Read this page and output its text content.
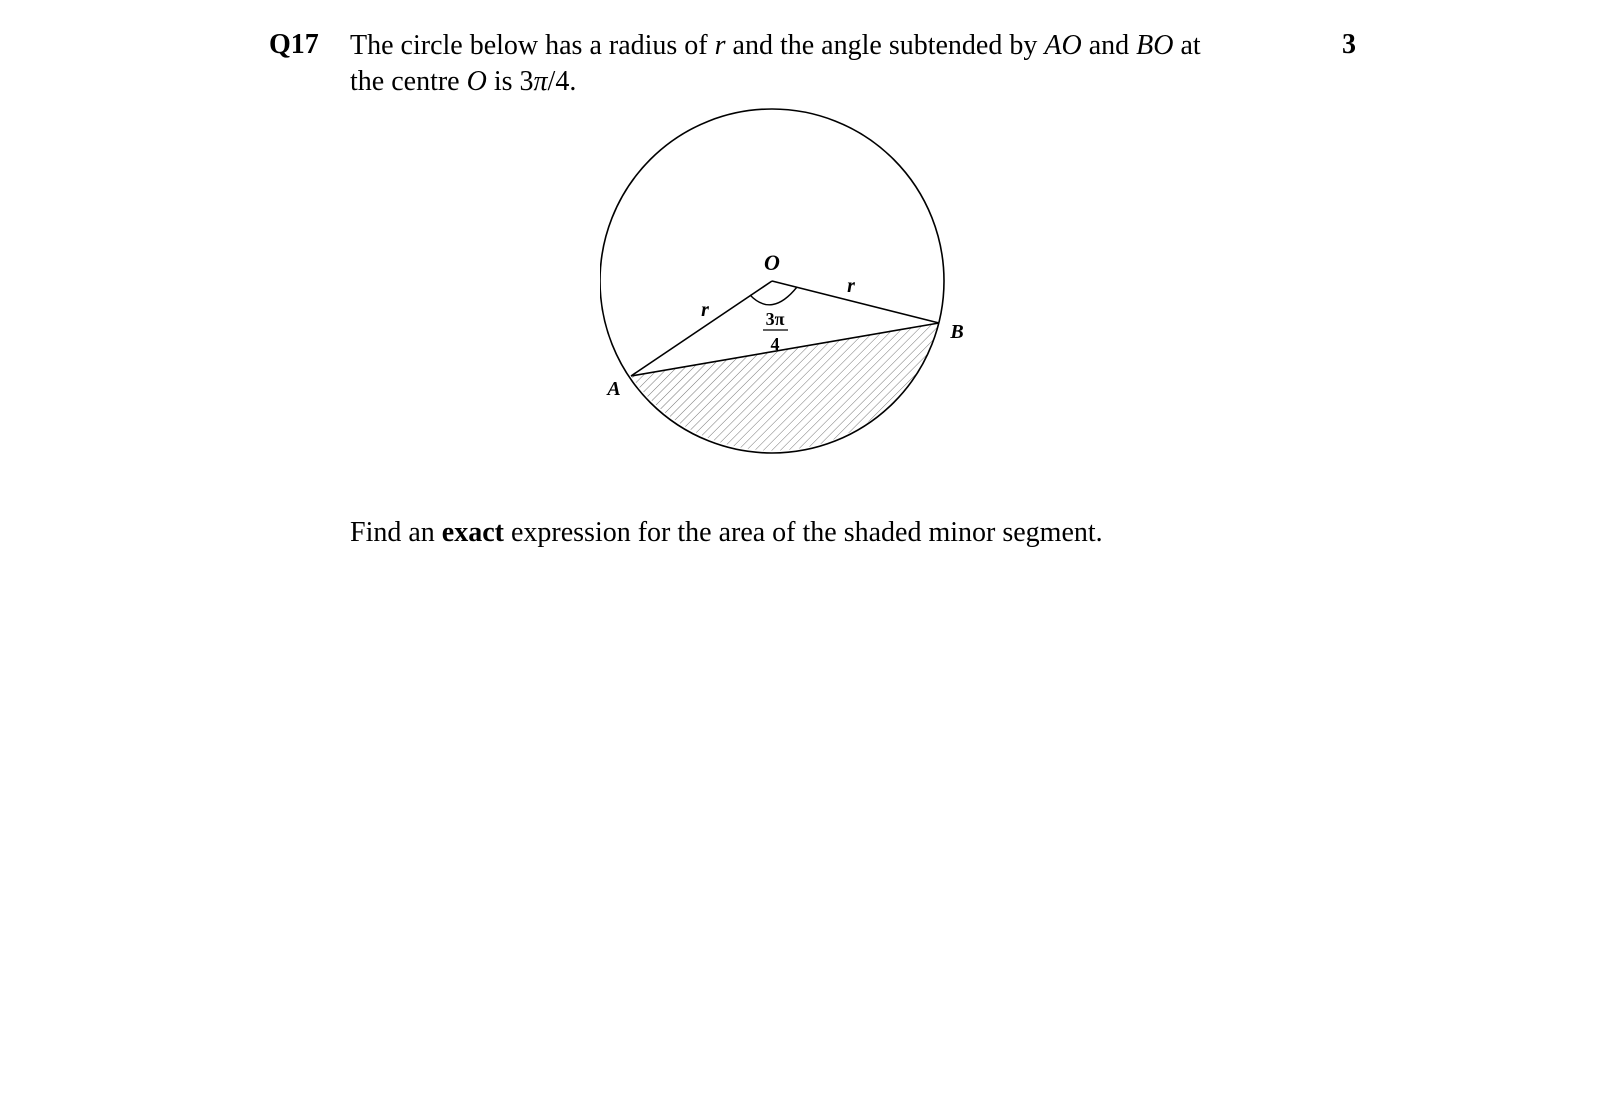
Q17	3
The circle below has a radius of r and the angle subtended by AO and BO at
the centre O is 3π/4.
O
A
B
r
r
3π
4
Find an exact expression for the area of the shaded minor segment.
